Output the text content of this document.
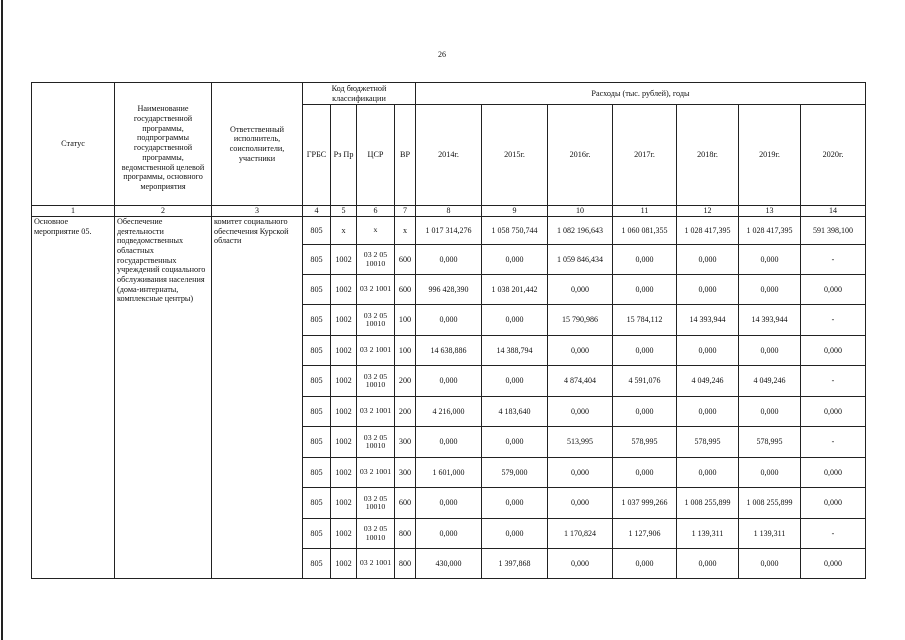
26
Статус	Наименование государственной программы, подпрограммы государственной программы, ведомственной целевой программы, основного мероприятия	Ответственный исполнитель, соисполнители, участники	Код бюджетной классификации				Расходы (тыс. рублей), годы						
			ГРБС	Рз Пр	ЦСР	ВР	2014г.	2015г.	2016г.	2017г.	2018г.	2019г.	2020г.
1	2	3	4	5	6	7	8	9	10	11	12	13	14
Основное мероприятие 05.	Обеспечение деятельности подведомственных областных государственных учреждений социального обслуживания населения (дома-интернаты, комплексные центры)	комитет социального обеспечения Курской области	805	х	х	х	1 017 314,276	1 058 750,744	1 082 196,643	1 060 081,355	1 028 417,395	1 028 417,395	591 398,100
			805	1002	03 2 05 10010	600	0,000	0,000	1 059 846,434	0,000	0,000	0,000	-
			805	1002	03 2 1001	600	996 428,390	1 038 201,442	0,000	0,000	0,000	0,000	0,000
			805	1002	03 2 05 10010	100	0,000	0,000	15 790,986	15 784,112	14 393,944	14 393,944	-
			805	1002	03 2 1001	100	14 638,886	14 388,794	0,000	0,000	0,000	0,000	0,000
			805	1002	03 2 05 10010	200	0,000	0,000	4 874,404	4 591,076	4 049,246	4 049,246	-
			805	1002	03 2 1001	200	4 216,000	4 183,640	0,000	0,000	0,000	0,000	0,000
			805	1002	03 2 05 10010	300	0,000	0,000	513,995	578,995	578,995	578,995	-
			805	1002	03 2 1001	300	1 601,000	579,000	0,000	0,000	0,000	0,000	0,000
			805	1002	03 2 05 10010	600	0,000	0,000	0,000	1 037 999,266	1 008 255,899	1 008 255,899	0,000
			805	1002	03 2 05 10010	800	0,000	0,000	1 170,824	1 127,906	1 139,311	1 139,311	-
			805	1002	03 2 1001	800	430,000	1 397,868	0,000	0,000	0,000	0,000	0,000
